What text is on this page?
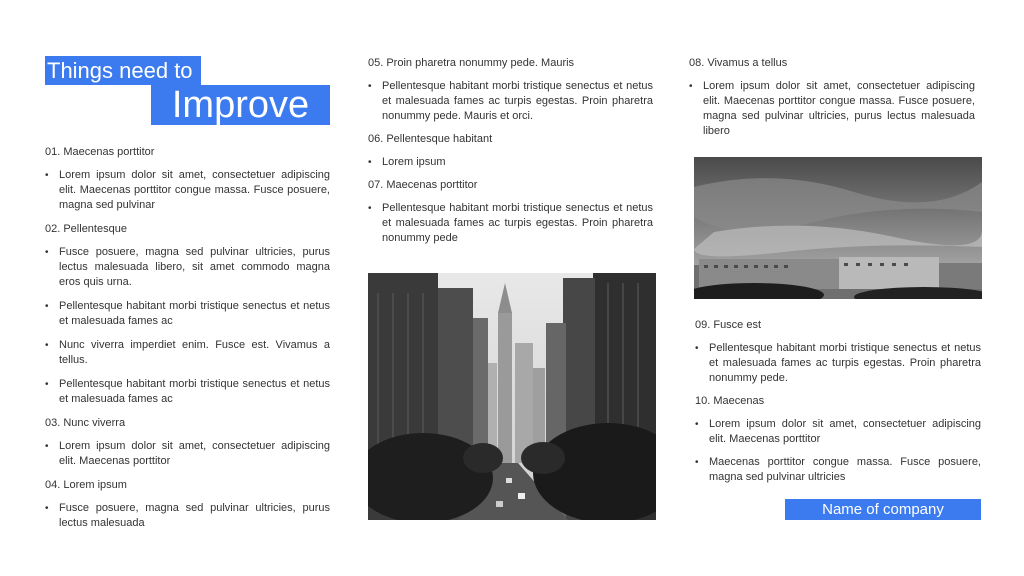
Things need to
Improve
01. Maecenas porttitor
• Lorem ipsum dolor sit amet, consectetuer adipiscing elit. Maecenas porttitor congue massa. Fusce posuere, magna sed pulvinar
02. Pellentesque
• Fusce posuere, magna sed pulvinar ultricies, purus lectus malesuada libero, sit amet commodo magna eros quis urna.
• Pellentesque habitant morbi tristique senectus et netus et malesuada fames ac
• Nunc viverra imperdiet enim. Fusce est. Vivamus a tellus.
• Pellentesque habitant morbi tristique senectus et netus et malesuada fames ac
03. Nunc viverra
• Lorem ipsum dolor sit amet, consectetuer adipiscing elit. Maecenas porttitor
04. Lorem ipsum
• Fusce posuere, magna sed pulvinar ultricies, purus lectus malesuada
05. Proin pharetra nonummy pede. Mauris
• Pellentesque habitant morbi tristique senectus et netus et malesuada fames ac turpis egestas. Proin pharetra nonummy pede. Mauris et orci.
06. Pellentesque habitant
• Lorem ipsum
07. Maecenas porttitor
• Pellentesque habitant morbi tristique senectus et netus et malesuada fames ac turpis egestas. Proin pharetra nonummy pede
08. Vivamus a tellus
• Lorem ipsum dolor sit amet, consectetuer adipiscing elit. Maecenas porttitor congue massa. Fusce posuere, magna sed pulvinar ultricies, purus lectus malesuada libero
09. Fusce est
• Pellentesque habitant morbi tristique senectus et netus et malesuada fames ac turpis egestas. Proin pharetra nonummy pede.
10. Maecenas
• Lorem ipsum dolor sit amet, consectetuer adipiscing elit. Maecenas porttitor
• Maecenas porttitor congue massa. Fusce posuere, magna sed pulvinar ultricies
Name of company
